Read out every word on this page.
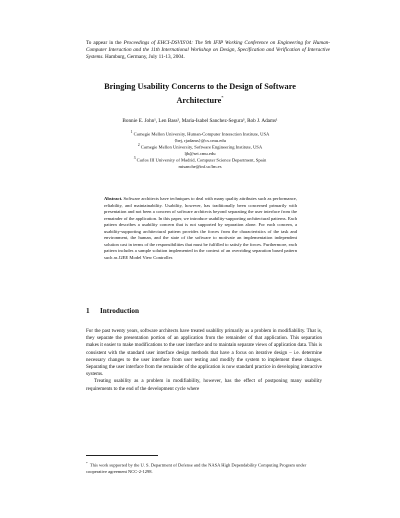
To appear in the Proceedings of EHCI-DSVIS'04: The 9th IFIP Working Conference on Engineering for Human-Computer Interaction and the 11th International Workshop on Design, Specification and Verification of Interactive Systems. Hamburg, Germany, July 11-13, 2004.
Bringing Usability Concerns to the Design of Software
Architecture*
Bonnie E. John¹, Len Bass², Maria-Isabel Sanchez-Segura³, Rob J. Adams¹
$^1$ Carnegie Mellon University, Human-Computer Interaction Institute, USA
{bej, rjadams}@cs.cmu.edu
$^2$ Carnegie Mellon University, Software Engineering Institute, USA
ljb@sei.cmu.edu
$^3$ Carlos III University of Madrid, Computer Science Department, Spain
misanche@inf.uc3m.es
Abstract. Software architects have techniques to deal with many quality attributes such as performance, reliability, and maintainability. Usability, however, has traditionally been concerned primarily with presentation and not been a concern of software architects beyond separating the user interface from the remainder of the application. In this paper, we introduce usability-supporting architectural patterns. Each pattern describes a usability concern that is not supported by separation alone. For each concern, a usability-supporting architectural pattern provides the forces from the characteristics of the task and environment, the human, and the state of the software to motivate an implementation independent solution cast in terms of the responsibilities that must be fulfilled to satisfy the forces. Furthermore, each pattern includes a sample solution implemented in the context of an overriding separation based pattern such as J2EE Model View Controller.
1 Introduction

For the past twenty years, software architects have treated usability primarily as a problem in modifiability. That is, they separate the presentation portion of an application from the remainder of that application. This separation makes it easier to make modifications to the user interface and to maintain separate views of application data. This is consistent with the standard user interface design methods that have a focus on iterative design – i.e. determine necessary changes to the user interface from user testing and modify the system to implement these changes. Separating the user interface from the remainder of the application is now standard practice in developing interactive systems.

Treating usability as a problem in modifiability, however, has the effect of postponing many usability requirements to the end of the development cycle where

* This work supported by the U. S. Department of Defense and the NASA High Dependability Computing Program under cooperative agreement NCC-2-1298.
